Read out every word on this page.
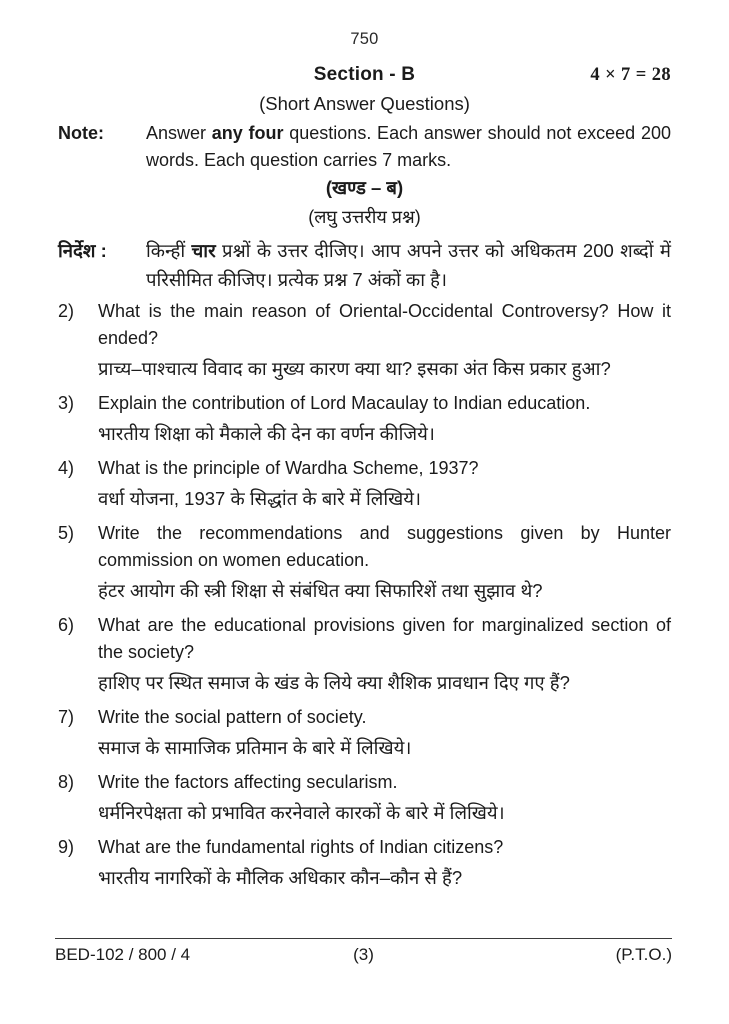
750
Section - B	4 × 7 = 28
(Short Answer Questions)
Note: Answer any four questions. Each answer should not exceed 200 words. Each question carries 7 marks.
(खण्ड – ब)
(लघु उत्तरीय प्रश्न)
निर्देश : किन्हीं चार प्रश्नों के उत्तर दीजिए। आप अपने उत्तर को अधिकतम 200 शब्दों में परिसीमित कीजिए। प्रत्येक प्रश्न 7 अंकों का है।
2)	What is the main reason of Oriental-Occidental Controversy? How it ended?
प्राच्य–पाश्चात्य विवाद का मुख्य कारण क्या था? इसका अंत किस प्रकार हुआ?
3)	Explain the contribution of Lord Macaulay to Indian education.
भारतीय शिक्षा को मैकाले की देन का वर्णन कीजिये।
4)	What is the principle of Wardha Scheme, 1937?
वर्धा योजना, 1937 के सिद्धांत के बारे में लिखिये।
5)	Write the recommendations and suggestions given by Hunter commission on women education.
हंटर आयोग की स्त्री शिक्षा से संबंधित क्या सिफारिशें तथा सुझाव थे?
6)	What are the educational provisions given for marginalized section of the society?
हाशिए पर स्थित समाज के खंड के लिये क्या शैशिक प्रावधान दिए गए हैं?
7)	Write the social pattern of society.
समाज के सामाजिक प्रतिमान के बारे में लिखिये।
8)	Write the factors affecting secularism.
धर्मनिरपेक्षता को प्रभावित करनेवाले कारकों के बारे में लिखिये।
9)	What are the fundamental rights of Indian citizens?
भारतीय नागरिकों के मौलिक अधिकार कौन–कौन से हैं?
BED-102 / 800 / 4	(3)	(P.T.O.)
